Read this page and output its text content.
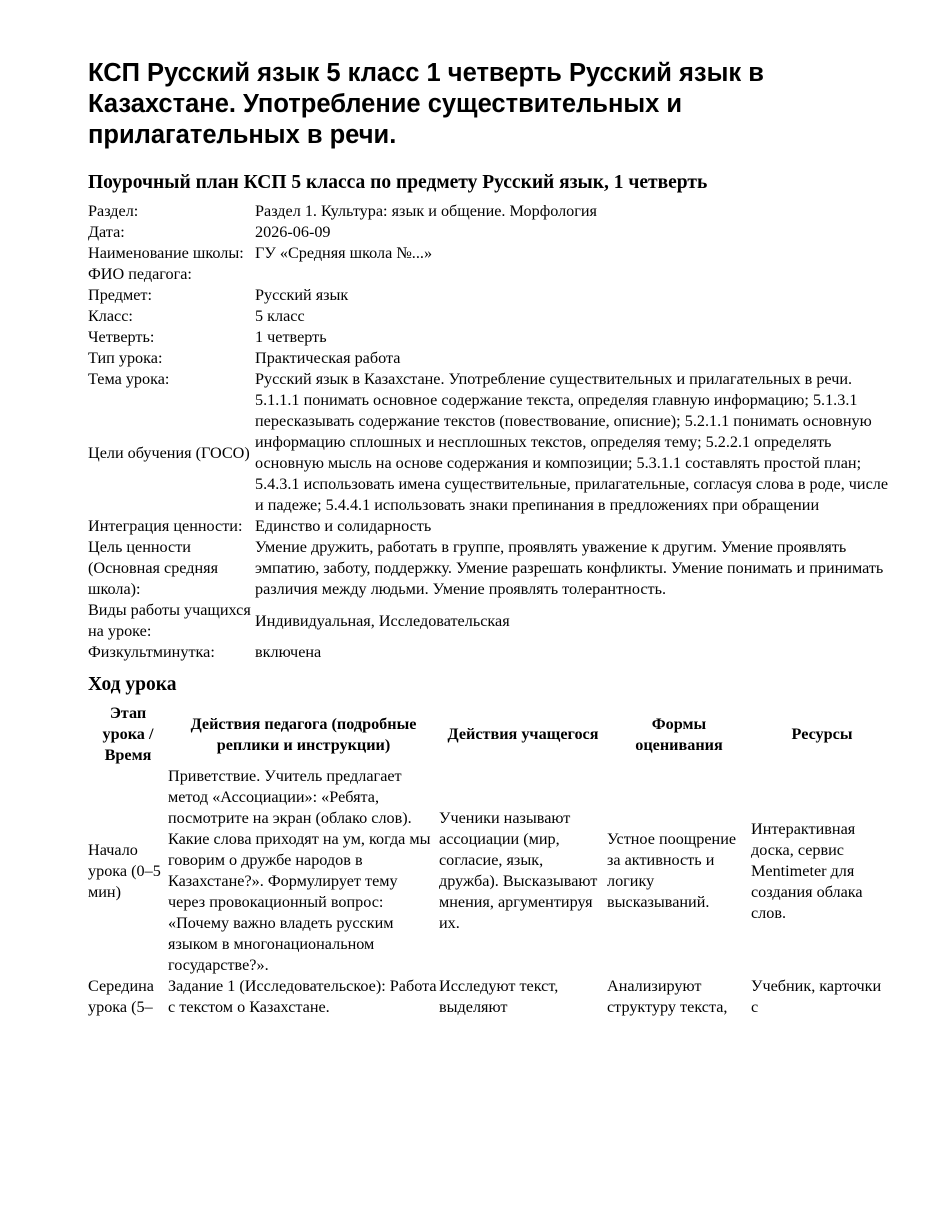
КСП Русский язык 5 класс 1 четверть Русский язык в Казахстане. Употребление существительных и прилагательных в речи.
Поурочный план КСП 5 класса по предмету Русский язык, 1 четверть
Раздел:	Раздел 1. Культура: язык и общение. Морфология
Дата:	2026-06-09
Наименование школы:	ГУ «Средняя школа №...»
ФИО педагога:	
Предмет:	Русский язык
Класс:	5 класс
Четверть:	1 четверть
Тип урока:	Практическая работа
Тема урока:	Русский язык в Казахстане. Употребление существительных и прилагательных в речи.
Цели обучения (ГОСО)	5.1.1.1 понимать основное содержание текста, определяя главную информацию; 5.1.3.1 пересказывать содержание текстов (повествование, описние); 5.2.1.1 понимать основную информацию сплошных и несплошных текстов, определяя тему; 5.2.2.1 определять основную мысль на основе содержания и композиции; 5.3.1.1 составлять простой план; 5.4.3.1 использовать имена существительные, прилагательные, согласуя слова в роде, числе и падеже; 5.4.4.1 использовать знаки препинания в предложениях при обращении
Интеграция ценности:	Единство и солидарность
Цель ценности (Основная средняя школа):	Умение дружить, работать в группе, проявлять уважение к другим. Умение проявлять эмпатию, заботу, поддержку. Умение разрешать конфликты. Умение понимать и принимать различия между людьми. Умение проявлять толерантность.
Виды работы учащихся на уроке:	Индивидуальная, Исследовательская
Физкультминутка:	включена
Ход урока
Этап урока / Время	Действия педагога (подробные реплики и инструкции)	Действия учащегося	Формы оценивания	Ресурсы
Начало урока (0–5 мин)	Приветствие. Учитель предлагает метод «Ассоциации»: «Ребята, посмотрите на экран (облако слов). Какие слова приходят на ум, когда мы говорим о дружбе народов в Казахстане?». Формулирует тему через провокационный вопрос: «Почему важно владеть русским языком в многонациональном государстве?».	Ученики называют ассоциации (мир, согласие, язык, дружба). Высказывают мнения, аргументируя их.	Устное поощрение за активность и логику высказываний.	Интерактивная доска, сервис Mentimeter для создания облака слов.
Середина урока (5–	Задание 1 (Исследовательское): Работа с текстом о Казахстане.	Исследуют текст, выделяют	Анализируют структуру текста,	Учебник, карточки с
